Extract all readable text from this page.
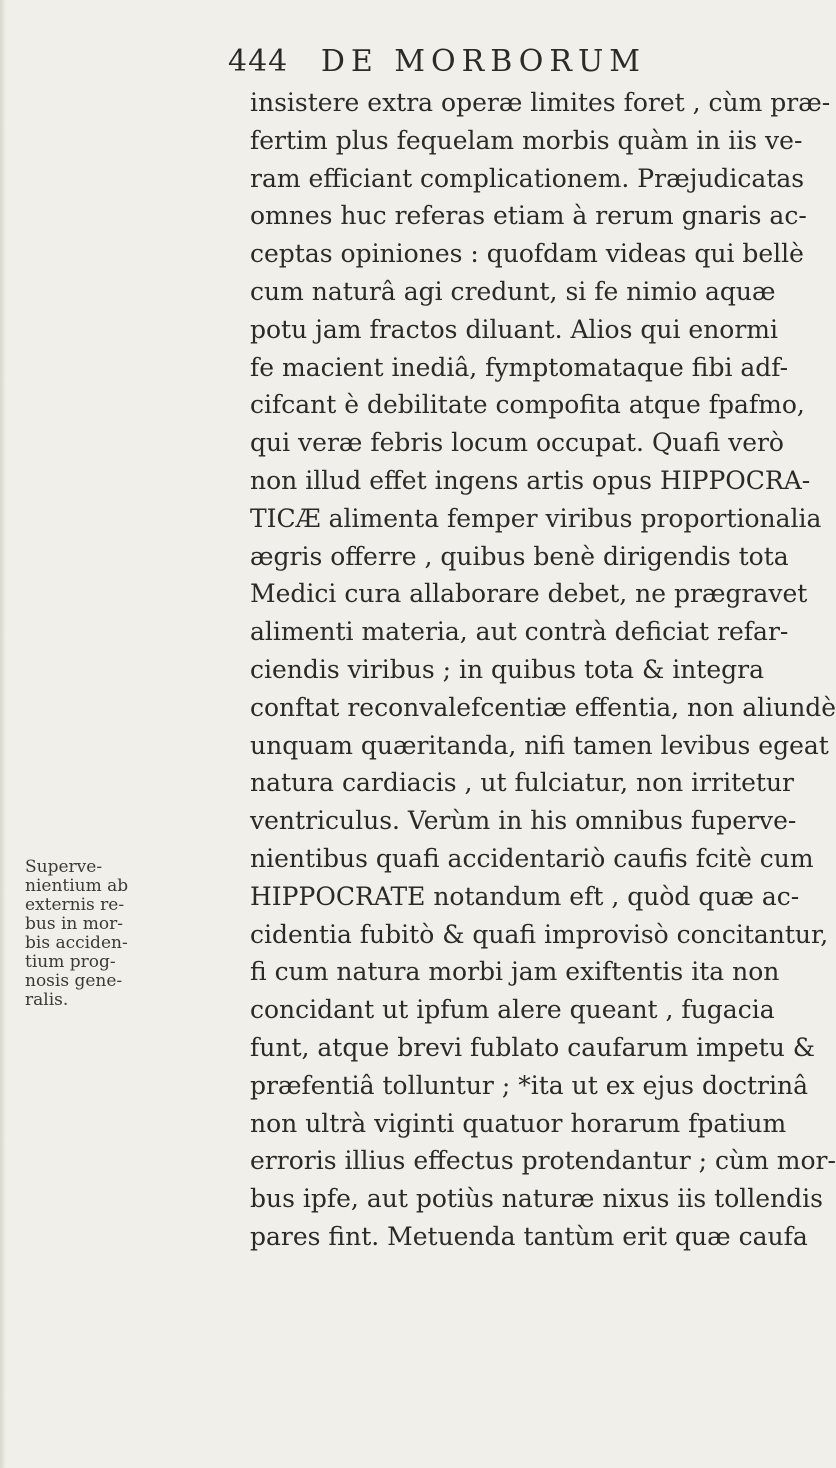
444 DE MORBORUM
Superve-
nientium ab
externis re-
bus in mor-
bis acciden-
tium prog-
nosis gene-
ralis.
insistere extra operæ limites foret , cùm præ-
fertim plus fequelam morbis quàm in iis ve-
ram efficiant complicationem. Præjudicatas
omnes huc referas etiam à rerum gnaris ac-
ceptas opiniones : quofdam videas qui bellè
cum naturâ agi credunt, si fe nimio aquæ
potu jam fractos diluant. Alios qui enormi
fe macient inediâ, fymptomataque fibi adf-
cifcant è debilitate compofita atque fpafmo,
qui veræ febris locum occupat. Quafi verò
non illud effet ingens artis opus HIPPOCRA-
TICÆ alimenta femper viribus proportionalia
ægris offerre , quibus benè dirigendis tota
Medici cura allaborare debet, ne prægravet
alimenti materia, aut contrà deficiat refar-
ciendis viribus ; in quibus tota & integra
conftat reconvalefcentiæ effentia, non aliundè
unquam quæritanda, nifi tamen levibus egeat
natura cardiacis , ut fulciatur, non irritetur
ventriculus. Verùm in his omnibus fuperve-
nientibus quafi accidentariò caufis fcitè cum
HIPPOCRATE notandum eft , quòd quæ ac-
cidentia fubitò & quafi improvisò concitantur,
fi cum natura morbi jam exiftentis ita non
concidant ut ipfum alere queant , fugacia
funt, atque brevi fublato caufarum impetu &
præfentiâ tolluntur ; *ita ut ex ejus doctrinâ
non ultrà viginti quatuor horarum fpatium
erroris illius effectus protendantur ; cùm mor-
bus ipfe, aut potiùs naturæ nixus iis tollendis
pares fint. Metuenda tantùm erit quæ caufa
